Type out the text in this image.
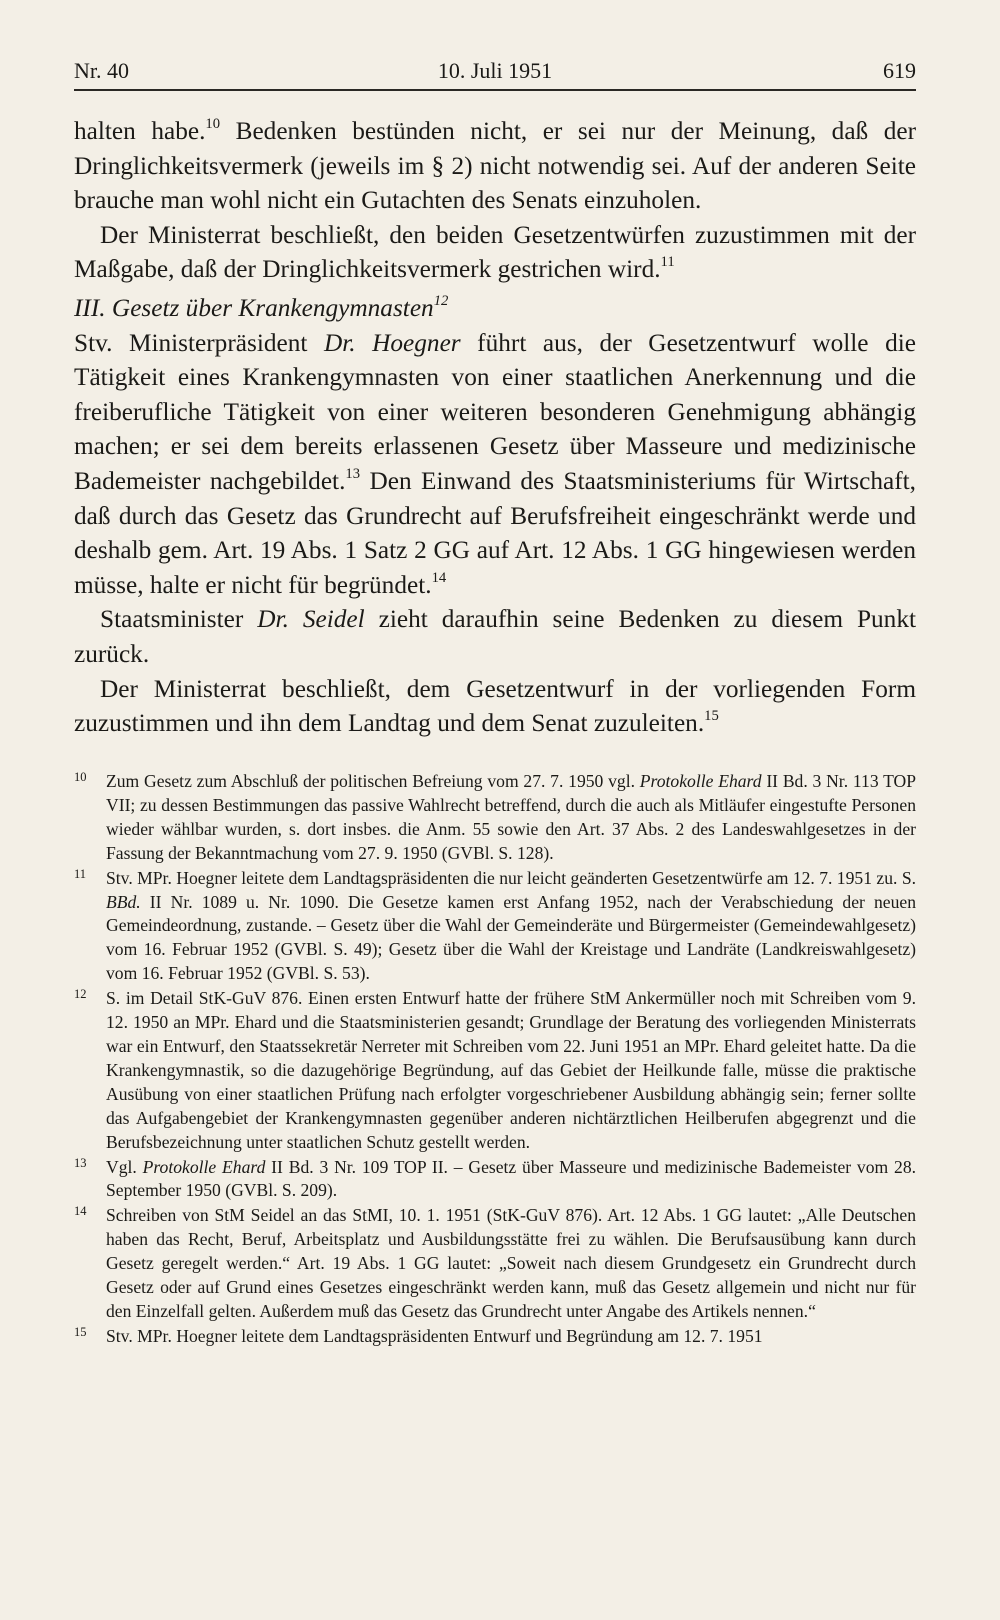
Nr. 40	10. Juli 1951	619

halten habe.$^{10}$ Bedenken bestünden nicht, er sei nur der Meinung, daß der Dringlichkeitsvermerk (jeweils im § 2) nicht notwendig sei. Auf der anderen Seite brauche man wohl nicht ein Gutachten des Senats einzuholen.

Der Ministerrat beschließt, den beiden Gesetzentwürfen zuzustimmen mit der Maßgabe, daß der Dringlichkeitsvermerk gestrichen wird.$^{11}$

III. Gesetz über Krankengymnasten$^{12}$

Stv. Ministerpräsident Dr. Hoegner führt aus, der Gesetzentwurf wolle die Tätigkeit eines Krankengymnasten von einer staatlichen Anerkennung und die freiberufliche Tätigkeit von einer weiteren besonderen Genehmigung abhängig machen; er sei dem bereits erlassenen Gesetz über Masseure und medizinische Bademeister nachgebildet.$^{13}$ Den Einwand des Staatsministeriums für Wirtschaft, daß durch das Gesetz das Grundrecht auf Berufsfreiheit eingeschränkt werde und deshalb gem. Art. 19 Abs. 1 Satz 2 GG auf Art. 12 Abs. 1 GG hingewiesen werden müsse, halte er nicht für begründet.$^{14}$

Staatsminister Dr. Seidel zieht daraufhin seine Bedenken zu diesem Punkt zurück.

Der Ministerrat beschließt, dem Gesetzentwurf in der vorliegenden Form zuzustimmen und ihn dem Landtag und dem Senat zuzuleiten.$^{15}$

10 Zum Gesetz zum Abschluß der politischen Befreiung vom 27. 7. 1950 vgl. Protokolle Ehard II Bd. 3 Nr. 113 TOP VII; zu dessen Bestimmungen das passive Wahlrecht betreffend, durch die auch als Mitläufer eingestufte Personen wieder wählbar wurden, s. dort insbes. die Anm. 55 sowie den Art. 37 Abs. 2 des Landeswahlgesetzes in der Fassung der Bekanntmachung vom 27. 9. 1950 (GVBl. S. 128).
11 Stv. MPr. Hoegner leitete dem Landtagspräsidenten die nur leicht geänderten Gesetzentwürfe am 12. 7. 1951 zu. S. BBd. II Nr. 1089 u. Nr. 1090. Die Gesetze kamen erst Anfang 1952, nach der Verabschiedung der neuen Gemeindeordnung, zustande. – Gesetz über die Wahl der Gemeinderäte und Bürgermeister (Gemeindewahlgesetz) vom 16. Februar 1952 (GVBl. S. 49); Gesetz über die Wahl der Kreistage und Landräte (Landkreiswahlgesetz) vom 16. Februar 1952 (GVBl. S. 53).
12 S. im Detail StK-GuV 876. Einen ersten Entwurf hatte der frühere StM Ankermüller noch mit Schreiben vom 9. 12. 1950 an MPr. Ehard und die Staatsministerien gesandt; Grundlage der Beratung des vorliegenden Ministerrats war ein Entwurf, den Staatssekretär Nerreter mit Schreiben vom 22. Juni 1951 an MPr. Ehard geleitet hatte. Da die Krankengymnastik, so die dazugehörige Begründung, auf das Gebiet der Heilkunde falle, müsse die praktische Ausübung von einer staatlichen Prüfung nach erfolgter vorgeschriebener Ausbildung abhängig sein; ferner sollte das Aufgabengebiet der Krankengymnasten gegenüber anderen nichtärztlichen Heilberufen abgegrenzt und die Berufsbezeichnung unter staatlichen Schutz gestellt werden.
13 Vgl. Protokolle Ehard II Bd. 3 Nr. 109 TOP II. – Gesetz über Masseure und medizinische Bademeister vom 28. September 1950 (GVBl. S. 209).
14 Schreiben von StM Seidel an das StMI, 10. 1. 1951 (StK-GuV 876). Art. 12 Abs. 1 GG lautet: „Alle Deutschen haben das Recht, Beruf, Arbeitsplatz und Ausbildungsstätte frei zu wählen. Die Berufsausübung kann durch Gesetz geregelt werden.“ Art. 19 Abs. 1 GG lautet: „Soweit nach diesem Grundgesetz ein Grundrecht durch Gesetz oder auf Grund eines Gesetzes eingeschränkt werden kann, muß das Gesetz allgemein und nicht nur für den Einzelfall gelten. Außerdem muß das Gesetz das Grundrecht unter Angabe des Artikels nennen.“
15 Stv. MPr. Hoegner leitete dem Landtagspräsidenten Entwurf und Begründung am 12. 7. 1951
